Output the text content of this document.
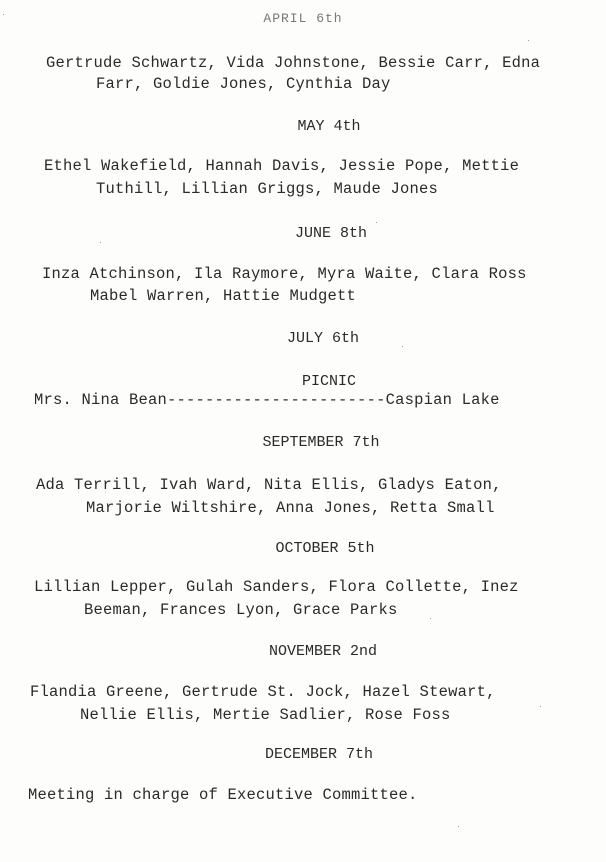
APRIL 6th
Gertrude Schwartz, Vida Johnstone, Bessie Carr, Edna
Farr, Goldie Jones, Cynthia Day
MAY 4th
Ethel Wakefield, Hannah Davis, Jessie Pope, Mettie
Tuthill, Lillian Griggs, Maude Jones
JUNE 8th
Inza Atchinson, Ila Raymore, Myra Waite, Clara Ross
Mabel Warren, Hattie Mudgett
JULY 6th
PICNIC
Mrs. Nina Bean-----------------------Caspian Lake
SEPTEMBER 7th
Ada Terrill, Ivah Ward, Nita Ellis, Gladys Eaton,
Marjorie Wiltshire, Anna Jones, Retta Small
OCTOBER 5th
Lillian Lepper, Gulah Sanders, Flora Collette, Inez
Beeman, Frances Lyon, Grace Parks
NOVEMBER 2nd
Flandia Greene, Gertrude St. Jock, Hazel Stewart,
Nellie Ellis, Mertie Sadlier, Rose Foss
DECEMBER 7th
Meeting in charge of Executive Committee.
